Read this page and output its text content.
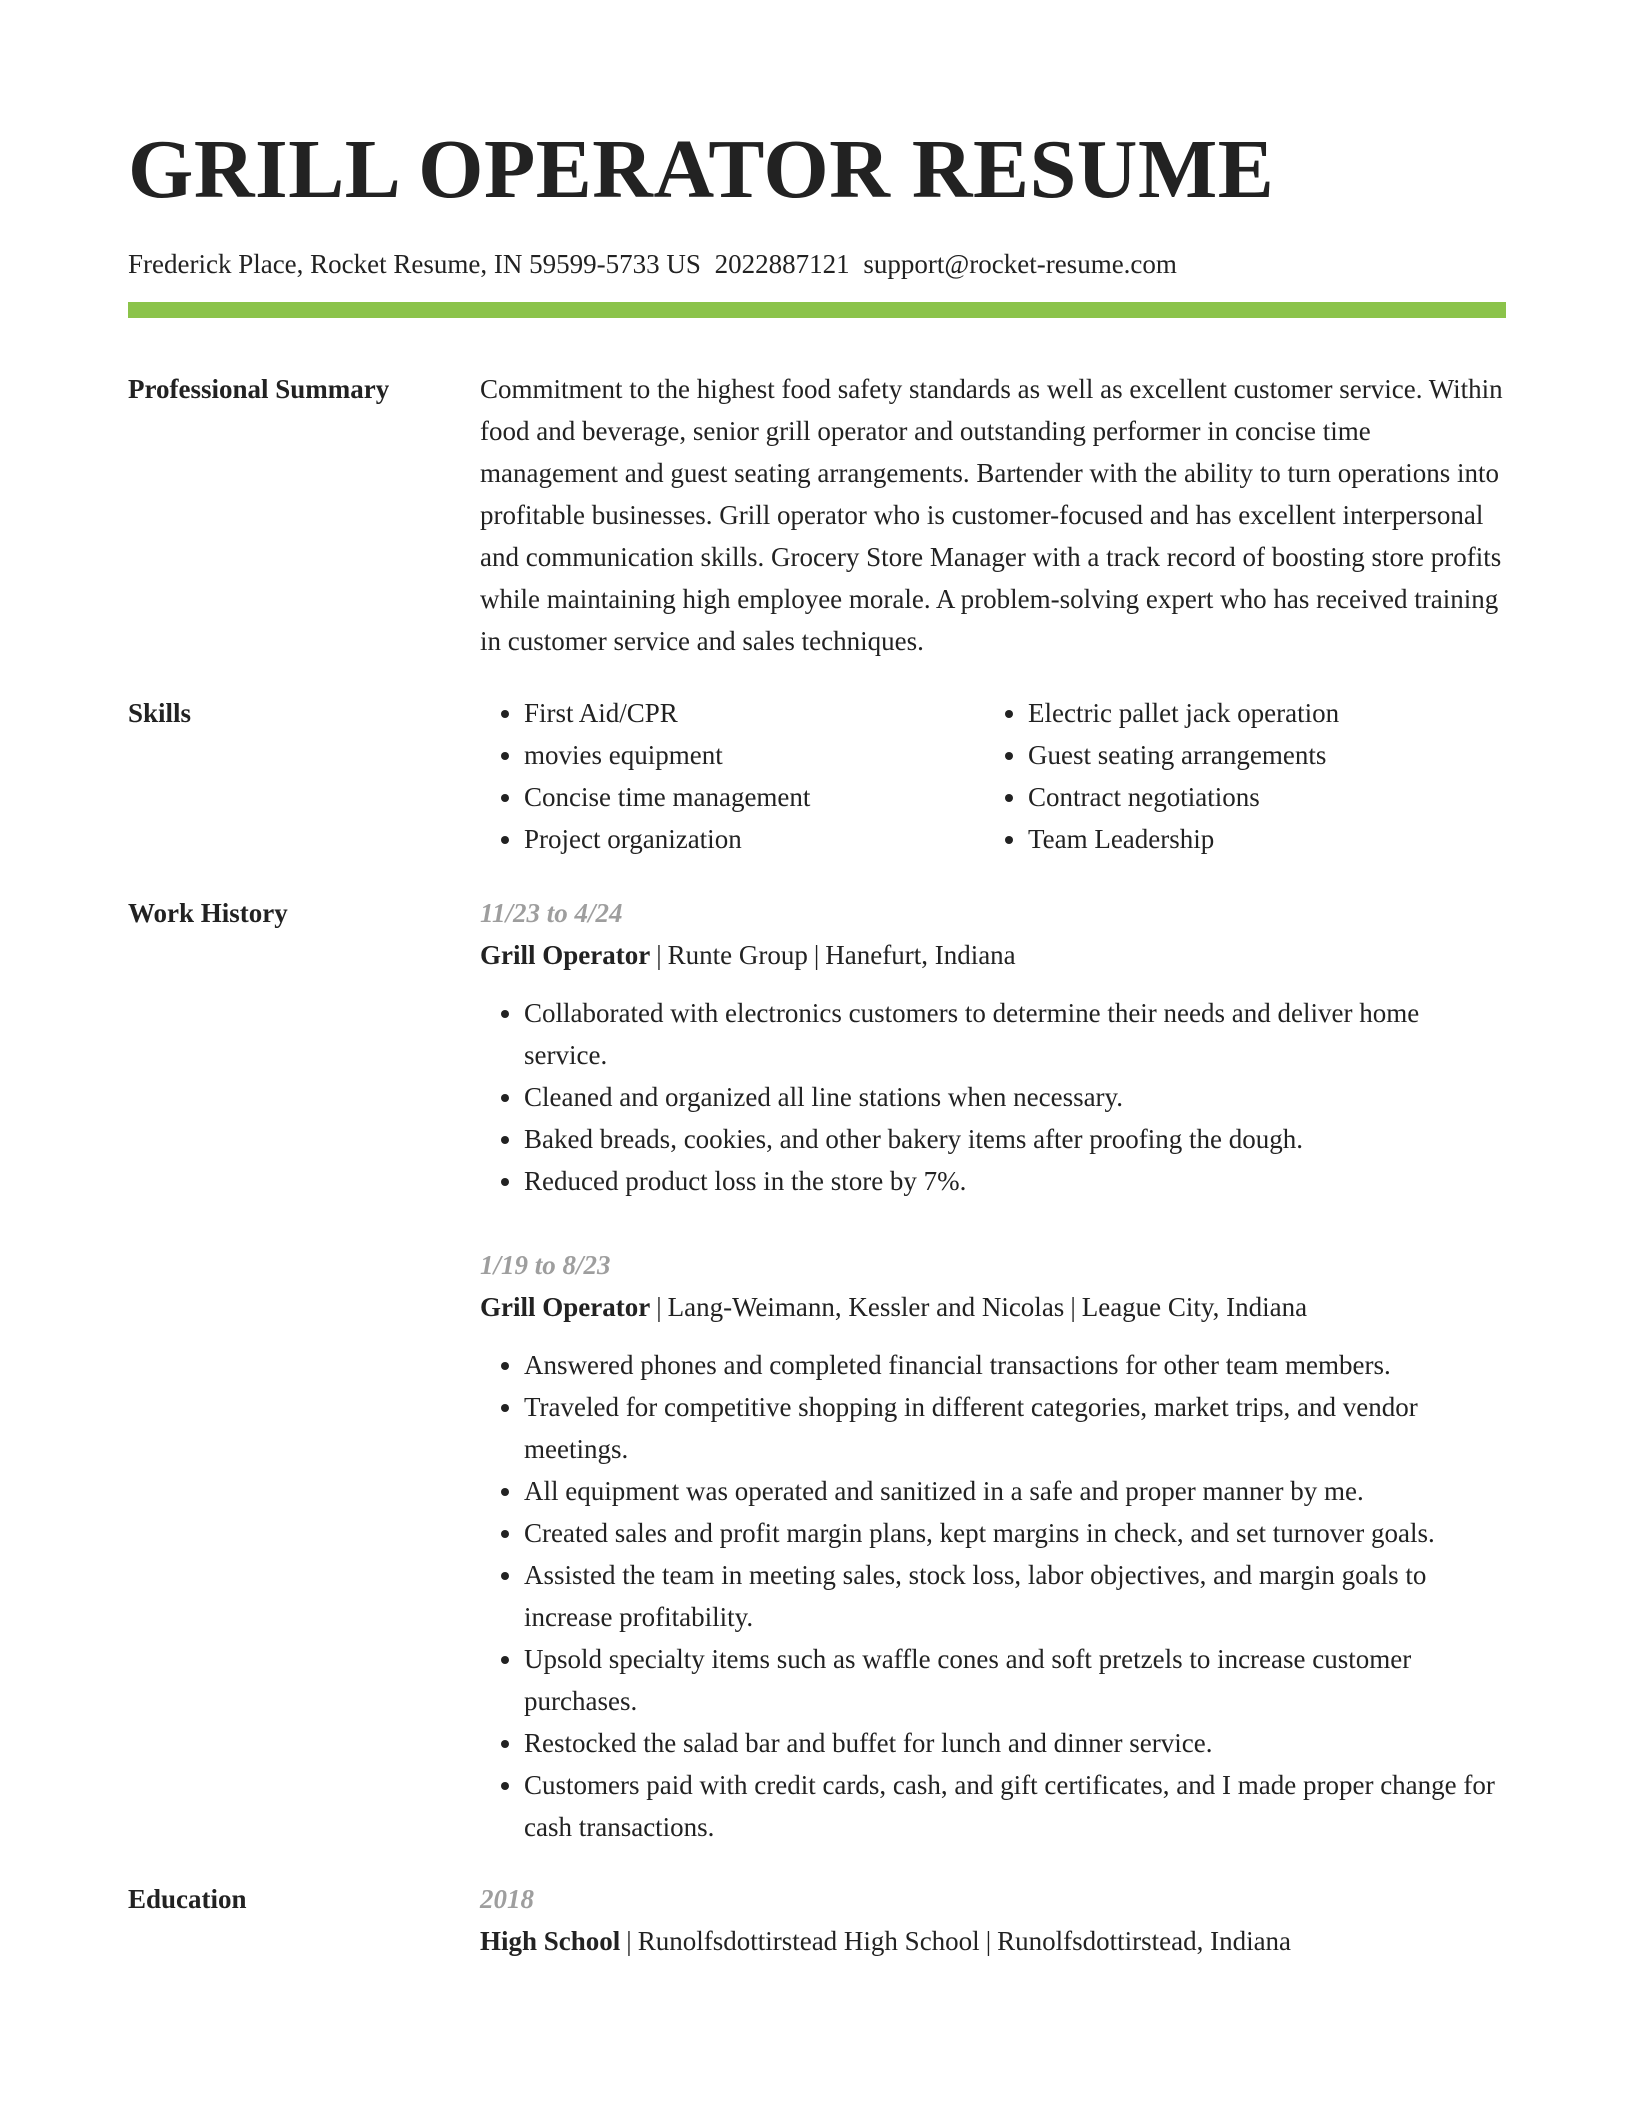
GRILL OPERATOR RESUME
Frederick Place, Rocket Resume, IN 59599-5733 US 2022887121 support@rocket-resume.com
Professional Summary	Commitment to the highest food safety standards as well as excellent customer service. Within food and beverage, senior grill operator and outstanding performer in concise time management and guest seating arrangements. Bartender with the ability to turn operations into profitable businesses. Grill operator who is customer-focused and has excellent interpersonal and communication skills. Grocery Store Manager with a track record of boosting store profits while maintaining high employee morale. A problem-solving expert who has received training in customer service and sales techniques.

Skills
•	First Aid/CPR
• movies equipment
• Concise time management
• Project organization
• Electric pallet jack operation
• Guest seating arrangements
• Contract negotiations
• Team Leadership
Work History	11/23 to 4/24
Grill Operator | Runte Group | Hanefurt, Indiana
• Collaborated with electronics customers to determine their needs and deliver home service.
• Cleaned and organized all line stations when necessary.
• Baked breads, cookies, and other bakery items after proofing the dough.
• Reduced product loss in the store by 7%.
1/19 to 8/23
Grill Operator | Lang-Weimann, Kessler and Nicolas | League City, Indiana
• Answered phones and completed financial transactions for other team members.
• Traveled for competitive shopping in different categories, market trips, and vendor meetings.
• All equipment was operated and sanitized in a safe and proper manner by me.
• Created sales and profit margin plans, kept margins in check, and set turnover goals.
• Assisted the team in meeting sales, stock loss, labor objectives, and margin goals to increase profitability.
• Upsold specialty items such as waffle cones and soft pretzels to increase customer purchases.
• Restocked the salad bar and buffet for lunch and dinner service.
• Customers paid with credit cards, cash, and gift certificates, and I made proper change for cash transactions.
Education	2018
High School | Runolfsdottirstead High School | Runolfsdottirstead, Indiana
